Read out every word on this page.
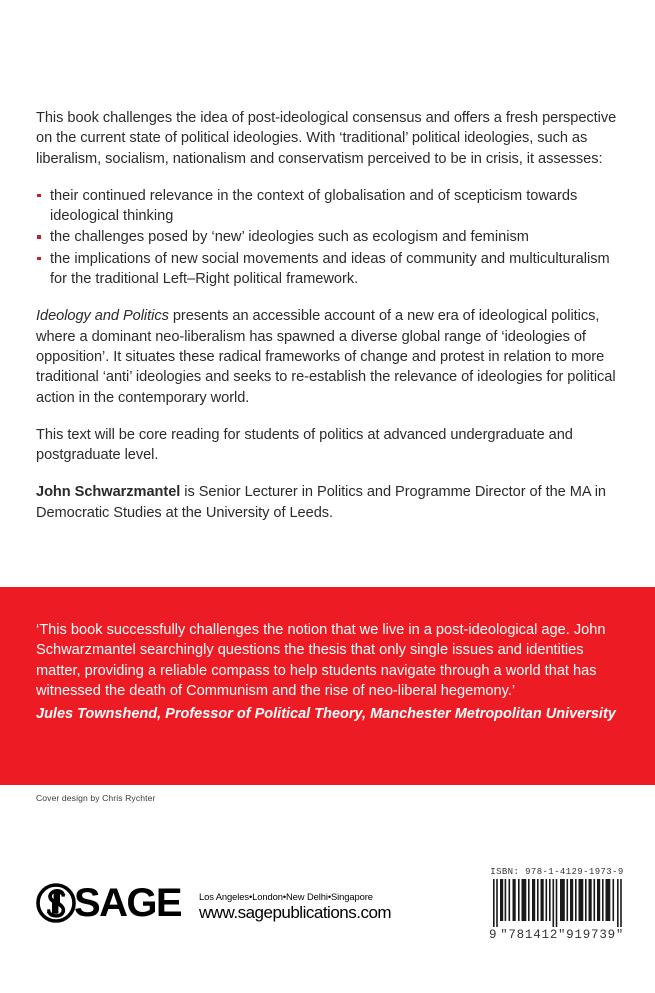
This book challenges the idea of post-ideological consensus and offers a fresh perspective on the current state of political ideologies. With ‘traditional’ political ideologies, such as liberalism, socialism, nationalism and conservatism perceived to be in crisis, it assesses:

their continued relevance in the context of globalisation and of scepticism towards ideological thinking
the challenges posed by ‘new’ ideologies such as ecologism and feminism
the implications of new social movements and ideas of community and multiculturalism for the traditional Left–Right political framework.

Ideology and Politics presents an accessible account of a new era of ideological politics, where a dominant neo-liberalism has spawned a diverse global range of ‘ideologies of opposition’. It situates these radical frameworks of change and protest in relation to more traditional ‘anti’ ideologies and seeks to re-establish the relevance of ideologies for political action in the contemporary world.

This text will be core reading for students of politics at advanced undergraduate and postgraduate level.

John Schwarzmantel is Senior Lecturer in Politics and Programme Director of the MA in Democratic Studies at the University of Leeds.

‘This book successfully challenges the notion that we live in a post-ideological age. John Schwarzmantel searchingly questions the thesis that only single issues and identities matter, providing a reliable compass to help students navigate through a world that has witnessed the death of Communism and the rise of neo-liberal hegemony.’

Jules Townshend, Professor of Political Theory, Manchester Metropolitan University

Cover design by Chris Rychter
SAGE Los Angeles•London•New Delhi•Singapore
www.sagepublications.com
ISBN: 978-1-4129-1973-9
9 "781412"919739"
